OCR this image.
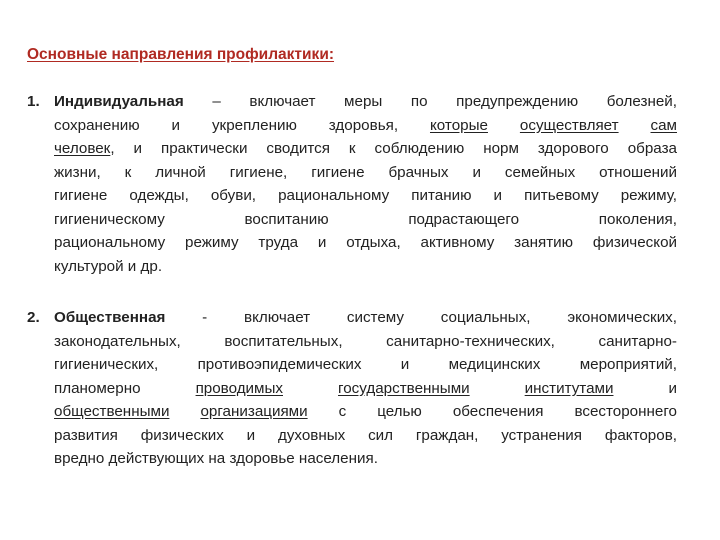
Основные направления профилактики:
1. Индивидуальная – включает меры по предупреждению болезней,
сохранению и укреплению здоровья, которые осуществляет сам
человек, и практически сводится к соблюдению норм здорового образа
жизни, к личной гигиене, гигиене брачных и семейных отношений
гигиене одежды, обуви, рациональному питанию и питьевому режиму,
гигиеническому воспитанию подрастающего поколения,
рациональному режиму труда и отдыха, активному занятию физической
культурой и др.
2. Общественная - включает систему социальных, экономических,
законодательных, воспитательных, санитарно-технических, санитарно-
гигиенических, противоэпидемических и медицинских мероприятий,
планомерно проводимых	государственными	институтами и
общественными организациями с целью обеспечения всестороннего
развития физических и духовных сил граждан, устранения факторов,
вредно действующих на здоровье населения.
